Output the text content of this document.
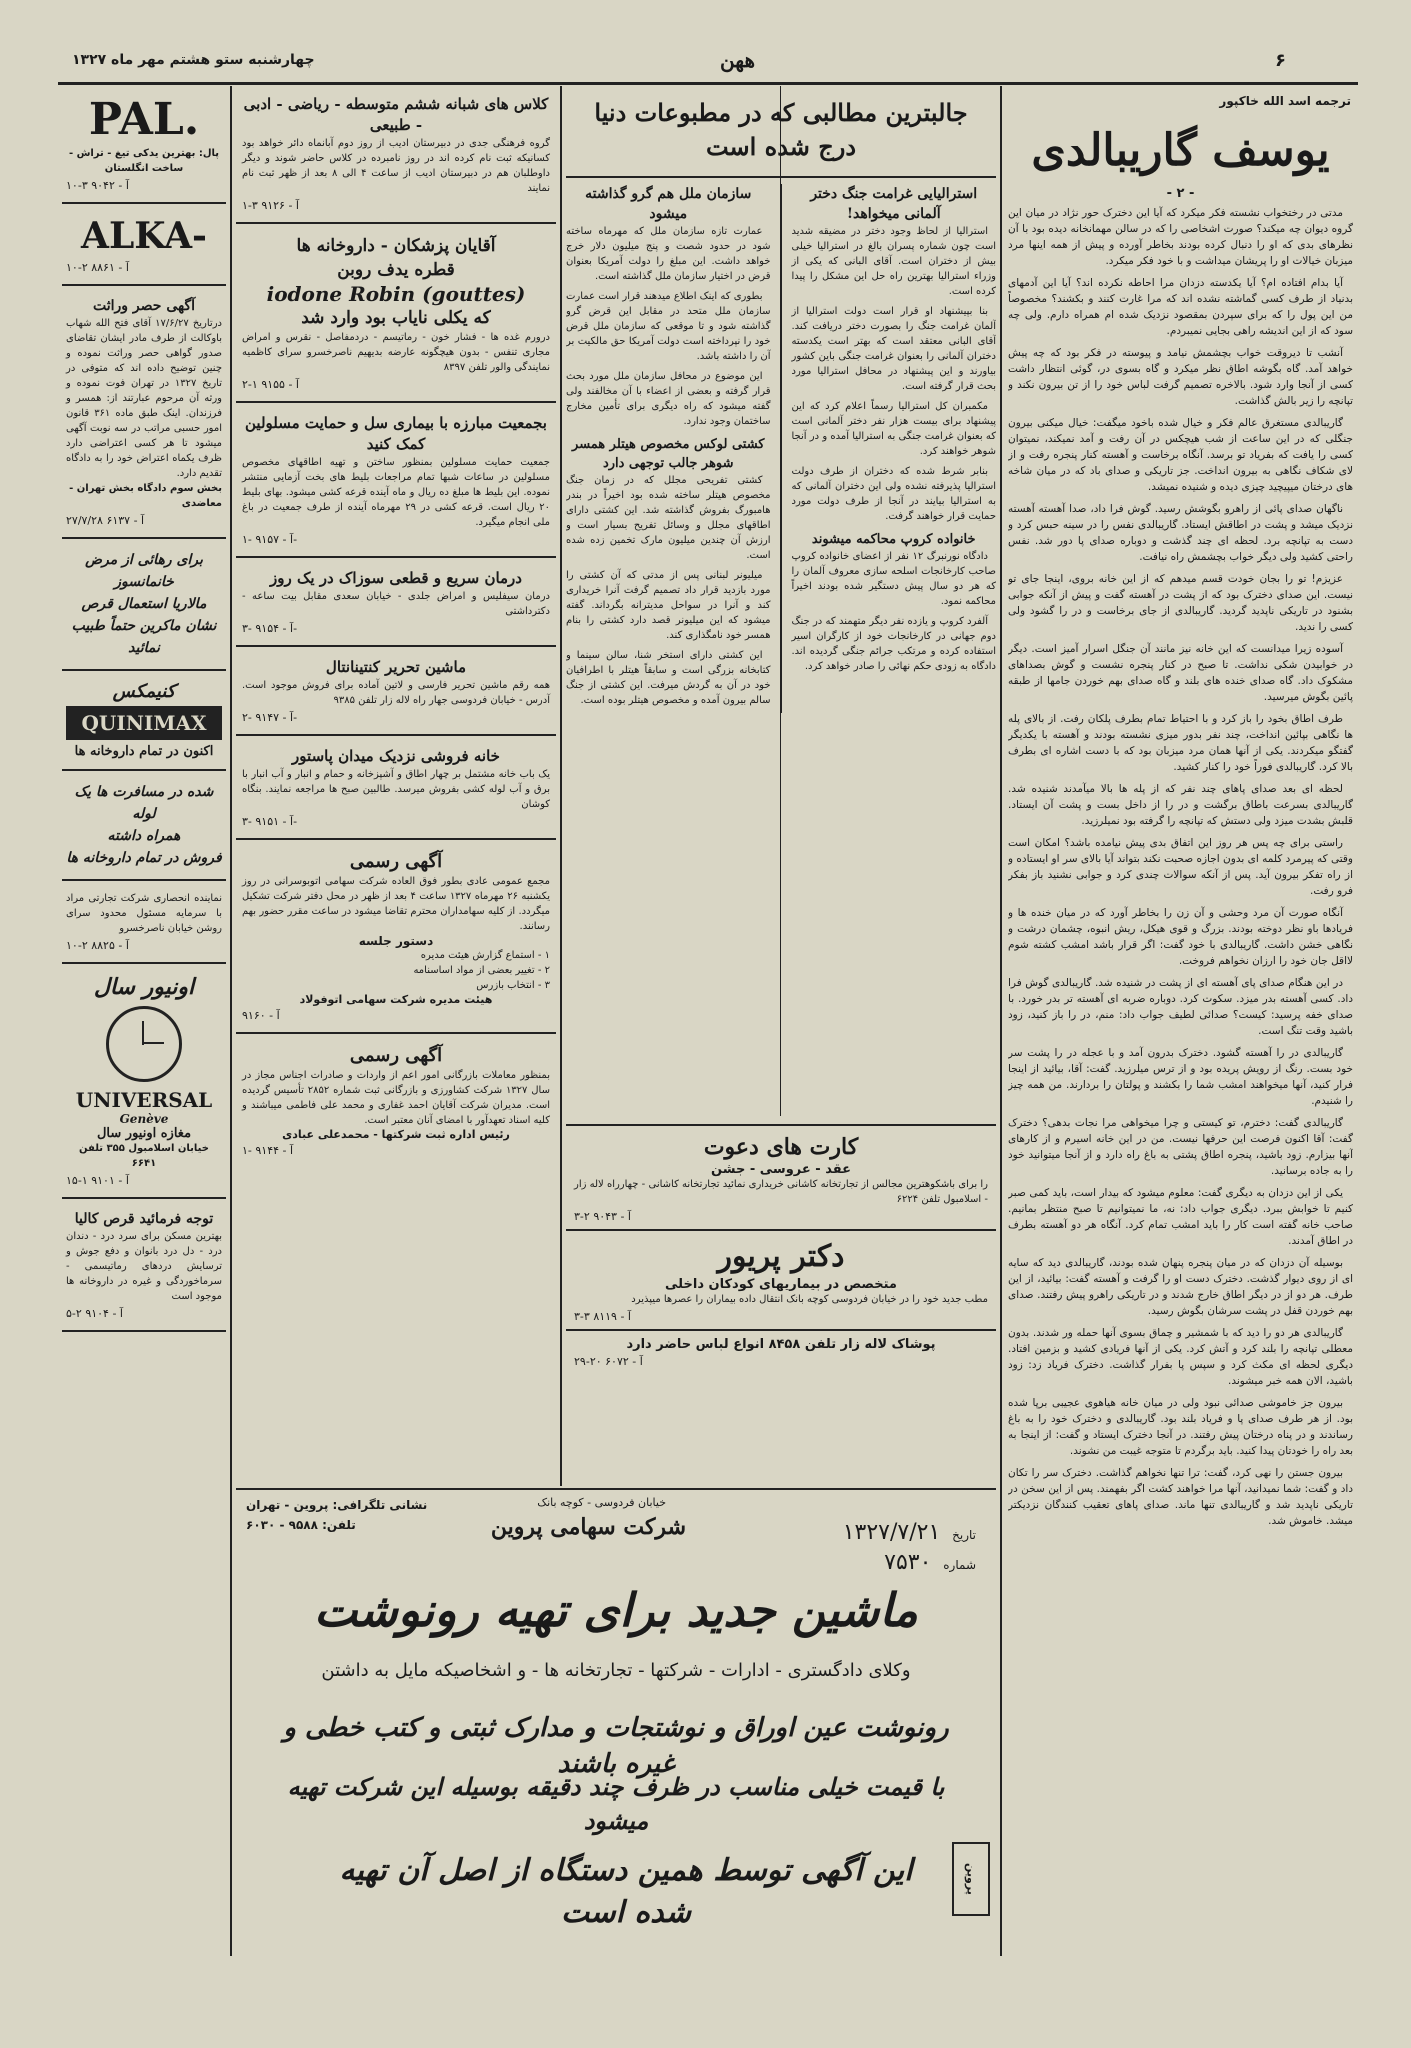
چهارشنبه ستو هشتم مهر ماه ۱۳۲۷	ههن	۶
ترجمه اسد الله خاکپور
یوسف گاریبالدی
- ۲ -

مدتی در رختخواب نشسته فکر میکرد که آیا این دخترک حور نژاد در میان این گروه دیوان چه میکند؟ صورت اشخاصی را که در سالن مهمانخانه دیده بود با آن نظرهای بدی که او را دنبال کرده بودند بخاطر آورده و پیش از همه اینها مرد میزبان خیالات او را پریشان میداشت و با خود فکر میکرد.

آیا بدام افتاده ام؟ آیا یکدسته دزدان مرا احاطه نکرده اند؟ آیا این آدمهای بدنیاد از طرف کسی گماشته نشده اند که مرا غارت کنند و بکشند؟ مخصوصاً من این پول را که برای سپردن بمقصود نزدیک شده ام همراه دارم. ولی چه سود که از این اندیشه راهی بجایی نمیبردم.

آنشب تا دیروقت خواب بچشمش نیامد و پیوسته در فکر بود که چه پیش خواهد آمد. گاه بگوشه اطاق نظر میکرد و گاه بسوی در، گوئی انتظار داشت کسی از آنجا وارد شود. بالاخره تصمیم گرفت لباس خود را از تن بیرون نکند و تپانچه را زیر بالش گذاشت.

گاریبالدی مستغرق عالم فکر و خیال شده باخود میگفت: خیال میکنی بیرون جنگلی که در این ساعت از شب هیچکس در آن رفت و آمد نمیکند، نمیتوان کسی را یافت که بفریاد تو برسد. آنگاه برخاست و آهسته کنار پنجره رفت و از لای شکاف نگاهی به بیرون انداخت. جز تاریکی و صدای باد که در میان شاخه های درختان میپیچید چیزی دیده و شنیده نمیشد.

ناگهان صدای پائی از راهرو بگوشش رسید. گوش فرا داد، صدا آهسته آهسته نزدیک میشد و پشت در اطاقش ایستاد. گاریبالدی نفس را در سینه حبس کرد و دست به تپانچه برد. لحظه ای چند گذشت و دوباره صدای پا دور شد. نفس راحتی کشید ولی دیگر خواب بچشمش راه نیافت.

عزیزم! تو را بجان خودت قسم میدهم که از این خانه بروی، اینجا جای تو نیست. این صدای دخترک بود که از پشت در آهسته گفت و پیش از آنکه جوابی بشنود در تاریکی ناپدید گردید. گاریبالدی از جای برخاست و در را گشود ولی کسی را ندید.

آسوده زیرا میدانست که این خانه نیز مانند آن جنگل اسرار آمیز است. دیگر در خوابیدن شکی نداشت. تا صبح در کنار پنجره نشست و گوش بصداهای مشکوک داد. گاه صدای خنده های بلند و گاه صدای بهم خوردن جامها از طبقه پائین بگوش میرسید.

طرف اطاق بخود را باز کرد و با احتیاط تمام بطرف پلکان رفت. از بالای پله ها نگاهی بپائین انداخت، چند نفر بدور میزی نشسته بودند و آهسته با یکدیگر گفتگو میکردند. یکی از آنها همان مرد میزبان بود که با دست اشاره ای بطرف بالا کرد. گاریبالدی فوراً خود را کنار کشید.

لحظه ای بعد صدای پاهای چند نفر که از پله ها بالا میآمدند شنیده شد. گاریبالدی بسرعت باطاق برگشت و در را از داخل بست و پشت آن ایستاد. قلبش بشدت میزد ولی دستش که تپانچه را گرفته بود نمیلرزید.

راستی برای چه پس هر روز این اتفاق بدی پیش نیامده باشد؟ امکان است وقتی که پیرمرد کلمه ای بدون اجازه صحبت نکند بتواند آیا بالای سر او ایستاده و از راه تفکر بیرون آید. پس از آنکه سوالات چندی کرد و جوابی نشنید باز بفکر فرو رفت.

آنگاه صورت آن مرد وحشی و آن زن را بخاطر آورد که در میان خنده ها و فریادها باو نظر دوخته بودند. بزرگ و قوی هیکل، ریش انبوه، چشمان درشت و نگاهی خشن داشت. گاریبالدی با خود گفت: اگر قرار باشد امشب کشته شوم لااقل جان خود را ارزان نخواهم فروخت.

در این هنگام صدای پای آهسته ای از پشت در شنیده شد. گاریبالدی گوش فرا داد. کسی آهسته بدر میزد. سکوت کرد. دوباره ضربه ای آهسته تر بدر خورد. با صدای خفه پرسید: کیست؟ صدائی لطیف جواب داد: منم، در را باز کنید، زود باشید وقت تنگ است.

گاریبالدی در را آهسته گشود. دخترک بدرون آمد و با عجله در را پشت سر خود بست. رنگ از رویش پریده بود و از ترس میلرزید. گفت: آقا، بیائید از اینجا فرار کنید، آنها میخواهند امشب شما را بکشند و پولتان را بردارند. من همه چیز را شنیدم.

گاریبالدی گفت: دخترم، تو کیستی و چرا میخواهی مرا نجات بدهی؟ دخترک گفت: آقا اکنون فرصت این حرفها نیست. من در این خانه اسیرم و از کارهای آنها بیزارم. زود باشید، پنجره اطاق پشتی به باغ راه دارد و از آنجا میتوانید خود را به جاده برسانید.

یکی از این دزدان به دیگری گفت: معلوم میشود که بیدار است، باید کمی صبر کنیم تا خوابش ببرد. دیگری جواب داد: نه، ما نمیتوانیم تا صبح منتظر بمانیم. صاحب خانه گفته است کار را باید امشب تمام کرد. آنگاه هر دو آهسته بطرف در اطاق آمدند.

بوسیله آن دزدان که در میان پنجره پنهان شده بودند، گاریبالدی دید که سایه ای از روی دیوار گذشت. دخترک دست او را گرفت و آهسته گفت: بیائید، از این طرف. هر دو از در دیگر اطاق خارج شدند و در تاریکی راهرو پیش رفتند. صدای بهم خوردن قفل در پشت سرشان بگوش رسید.

گاریبالدی هر دو را دید که با شمشیر و چماق بسوی آنها حمله ور شدند. بدون معطلی تپانچه را بلند کرد و آتش کرد. یکی از آنها فریادی کشید و بزمین افتاد. دیگری لحظه ای مکث کرد و سپس پا بفرار گذاشت. دخترک فریاد زد: زود باشید، الان همه خبر میشوند.

بیرون جز خاموشی صدائی نبود ولی در میان خانه هیاهوی عجیبی برپا شده بود. از هر طرف صدای پا و فریاد بلند بود. گاریبالدی و دخترک خود را به باغ رساندند و در پناه درختان پیش رفتند. در آنجا دخترک ایستاد و گفت: از اینجا به بعد راه را خودتان پیدا کنید. باید برگردم تا متوجه غیبت من نشوند.

بیرون جستن را نهی کرد، گفت: ترا تنها نخواهم گذاشت. دخترک سر را تکان داد و گفت: شما نمیدانید، آنها مرا خواهند کشت اگر بفهمند. پس از این سخن در تاریکی ناپدید شد و گاریبالدی تنها ماند. صدای پاهای تعقیب کنندگان نزدیکتر میشد. خاموش شد.

جالبترین مطالبی که در مطبوعات دنیا درج شده است
استرالیایی غرامت جنگ دختر آلمانی میخواهد!

استرالیا از لحاظ وجود دختر در مضیقه شدید است چون شماره پسران بالغ در استرالیا خیلی بیش از دختران است. آقای البانی که یکی از وزراء استرالیا بهترین راه حل این مشکل را پیدا کرده است.

بنا بپیشنهاد او قرار است دولت استرالیا از آلمان غرامت جنگ را بصورت دختر دریافت کند. آقای البانی معتقد است که بهتر است یکدسته دختران آلمانی را بعنوان غرامت جنگی باین کشور بیاورند و این پیشنهاد در محافل استرالیا مورد بحث قرار گرفته است.

مکمبران کل استرالیا رسماً اعلام کرد که این پیشنهاد برای بیست هزار نفر دختر آلمانی است که بعنوان غرامت جنگی به استرالیا آمده و در آنجا شوهر خواهند کرد.

بنابر شرط شده که دختران از طرف دولت استرالیا پذیرفته نشده ولی این دختران آلمانی که به استرالیا بیایند در آنجا از طرف دولت مورد حمایت قرار خواهند گرفت.

خانواده کروپ محاکمه میشوند

دادگاه نورنبرگ ۱۲ نفر از اعضای خانواده کروپ صاحب کارخانجات اسلحه سازی معروف آلمان را که هر دو سال پیش دستگیر شده بودند اخیراً محاکمه نمود.

آلفرد کروپ و یازده نفر دیگر متهمند که در جنگ دوم جهانی در کارخانجات خود از کارگران اسیر استفاده کرده و مرتکب جرائم جنگی گردیده اند. دادگاه به زودی حکم نهائی را صادر خواهد کرد.

سازمان ملل هم گرو گذاشته میشود

عمارت تازه سازمان ملل که مهرماه ساخته شود در حدود شصت و پنج میلیون دلار خرج خواهد داشت. این مبلغ را دولت آمریکا بعنوان قرض در اختیار سازمان ملل گذاشته است.

بطوری که اینک اطلاع میدهند قرار است عمارت سازمان ملل متحد در مقابل این قرض گرو گذاشته شود و تا موقعی که سازمان ملل قرض خود را نپرداخته است دولت آمریکا حق مالکیت بر آن را داشته باشد.

این موضوع در محافل سازمان ملل مورد بحث قرار گرفته و بعضی از اعضاء با آن مخالفند ولی گفته میشود که راه دیگری برای تأمین مخارج ساختمان وجود ندارد.

کشتی لوکس مخصوص هیتلر همسر شوهر جالب توجهی دارد

کشتی تفریحی مجلل که در زمان جنگ مخصوص هیتلر ساخته شده بود اخیراً در بندر هامبورگ بفروش گذاشته شد. این کشتی دارای اطاقهای مجلل و وسائل تفریح بسیار است و ارزش آن چندین میلیون مارک تخمین زده شده است.

میلیونر لبنانی پس از مدتی که آن کشتی را مورد بازدید قرار داد تصمیم گرفت آنرا خریداری کند و آنرا در سواحل مدیترانه بگرداند. گفته میشود که این میلیونر قصد دارد کشتی را بنام همسر خود نامگذاری کند.

این کشتی دارای استخر شنا، سالن سینما و کتابخانه بزرگی است و سابقاً هیتلر با اطرافیان خود در آن به گردش میرفت. این کشتی از جنگ سالم بیرون آمده و مخصوص هیتلر بوده است.

کارت های دعوت
عقد - عروسی - جشن
را برای باشکوهترین مجالس از تجارتخانه کاشانی خریداری نمائید تجارتخانه کاشانی - چهارراه لاله زار - اسلامبول تلفن ۶۲۲۴
آ - ۹۰۴۳ ۲-۳
دکتر پریور
متخصص در بیماریهای کودکان داخلی
مطب جدید خود را در خیابان فردوسی کوچه بانک انتقال داده بیماران را عصرها میپذیرد
آ - ۸۱۱۹ ۳-۳
پوشاک لاله زار تلفن ۸۴۵۸ انواع لباس حاضر دارد
آ - ۶۰۷۲ ۲۰-۲۹
کلاس های شبانه ششم متوسطه - ریاضی - ادبی - طبیعی
گروه فرهنگی جدی در دبیرستان ادیب از روز دوم آبانماه دائر خواهد بود کسانیکه ثبت نام کرده اند در روز نامبرده در کلاس حاضر شوند و دیگر داوطلبان هم در دبیرستان ادیب از ساعت ۴ الی ۸ بعد از ظهر ثبت نام نمایند
آ - ۹۱۲۶ ۳-۱
آقایان پزشکان - داروخانه ها
قطره یدف روبن
iodone Robin (gouttes)
که یکلی نایاب بود وارد شد
درورم غده ها - فشار خون - رماتیسم - دردمفاصل - نقرس و امراض مجاری تنفس - بدون هیچگونه عارضه بدیهیم ناصرخسرو سرای کاظمیه نمایندگی والور تلفن ۸۳۹۷
آ - ۹۱۵۵ ۱-۲
بجمعیت مبارزه با بیماری سل و حمایت مسلولین کمک کنید
جمعیت حمایت مسلولین بمنظور ساختن و تهیه اطاقهای مخصوص مسلولین در ساعات شبها تمام مراجعات بلیط های بخت آزمایی منتشر نموده. این بلیط ها مبلغ ده ریال و ماه آینده قرعه کشی میشود. بهای بلیط ۲۰ ریال است. قرعه کشی در ۲۹ مهرماه آینده از طرف جمعیت در باغ ملی انجام میگیرد.
آ - ۹۱۵۷ -۱-
درمان سریع و قطعی سوزاک در یک روز
درمان سیفلیس و امراض جلدی - خیابان سعدی مقابل بیت ساعه - دکترداشتی
آ - ۹۱۵۴ -۳-
ماشین تحریر کنتینانتال
همه رقم ماشین تحریر فارسی و لاتین آماده برای فروش موجود است. آدرس - خیابان فردوسی جهار راه لاله زار تلفن ۹۳۸۵
آ - ۹۱۴۷ -۲-
خانه فروشی نزدیک میدان پاستور
یک باب خانه مشتمل بر چهار اطاق و آشپزخانه و حمام و انبار و آب انبار با برق و آب لوله کشی بفروش میرسد. طالبین صبح ها مراجعه نمایند. بنگاه کوشان
آ - ۹۱۵۱ -۳-
آگهی رسمی
مجمع عمومی عادی بطور فوق العاده شرکت سهامی اتوبوسرانی در روز یکشنبه ۲۶ مهرماه ۱۳۲۷ ساعت ۴ بعد از ظهر در محل دفتر شرکت تشکیل میگردد. از کلیه سهامداران محترم تقاضا میشود در ساعت مقرر حضور بهم رسانند.
دستور جلسه
۱ - استماع گزارش هیئت مدیره
۲ - تغییر بعضی از مواد اساسنامه
۳ - انتخاب بازرس
هیئت مدیره شرکت سهامی اتوفولاد
آ - ۹۱۶۰
آگهی رسمی
بمنظور معاملات بازرگانی امور اعم از واردات و صادرات اجناس مجاز در سال ۱۳۲۷ شرکت کشاورزی و بازرگانی ثبت شماره ۲۸۵۲ تأسیس گردیده است. مدیران شرکت آقایان احمد غفاری و محمد علی فاطمی میباشند و کلیه اسناد تعهدآور با امضای آنان معتبر است.
رئیس اداره ثبت شرکتها - محمدعلی عبادی
آ - ۹۱۴۴ -۱
PAL.
پال: بهترین یدکی تیغ - تراش - ساخت انگلستان
آ - ۹۰۴۲ ۳-۱۰
ALKA-
آ - ۸۸۶۱ ۲-۱۰
آگهی حصر وراثت
درتاریخ ۱۷/۶/۲۷ آقای فتح الله شهاب باوکالت از طرف مادر ایشان تقاضای صدور گواهی حصر وراثت نموده و چنین توضیح داده اند که متوفی در تاریخ ۱۳۲۷ در تهران فوت نموده و ورثه آن مرحوم عبارتند از: همسر و فرزندان. اینک طبق ماده ۳۶۱ قانون امور حسبی مراتب در سه نوبت آگهی میشود تا هر کسی اعتراضی دارد ظرف یکماه اعتراض خود را به دادگاه تقدیم دارد.
بخش سوم دادگاه بخش تهران - معاضدی
آ - ۶۱۳۷ ۲۷/۷/۲۸
برای رهائی از مرض خانمانسوز
مالاریا استعمال قرص
نشان ماکرین حتماً طبیب نمائید
کنیمکس
QUINIMAX
اکنون در تمام داروخانه ها
شده در مسافرت ها یک لوله
همراه داشته
فروش در تمام داروخانه ها
نماینده انحصاری شرکت تجارتی مراد با سرمایه مسئول محدود سرای روشن خیابان ناصرخسرو
آ - ۸۸۲۵ ۲-۱۰
اونیور سال
UNIVERSAL
Genève
مغازه اونیور سال
خیابان اسلامبول ۳۵۵ تلفن ۶۶۴۱
آ - ۹۱۰۱ ۱-۱۵
توجه فرمائید قرص کالیا
بهترین مسکن برای سرد درد - دندان درد - دل درد بانوان و دفع جوش و ترسایش دردهای رماتیسمی - سرماخوردگی و غیره در داروخانه ها موجود است
آ - ۹۱۰۴ ۲-۵
خیابان فردوسی - کوچه بانک
شرکت سهامی پروین
نشانی تلگرافی: پروین - تهران
تلفن: ۹۵۸۸ - ۶۰۳۰
تاریخ ۱۳۲۷/۷/۲۱
شماره ۷۵۳۰
ماشین جدید برای تهیه رونوشت
وکلای دادگستری - ادارات - شرکتها - تجارتخانه ها - و اشخاصیکه مایل به داشتن
رونوشت عین اوراق و نوشتجات و مدارک ثبتی و کتب خطی و غیره باشند
با قیمت خیلی مناسب در ظرف چند دقیقه بوسیله این شرکت تهیه میشود
این آگهی توسط همین دستگاه از اصل آن تهیه شده است
پروین
